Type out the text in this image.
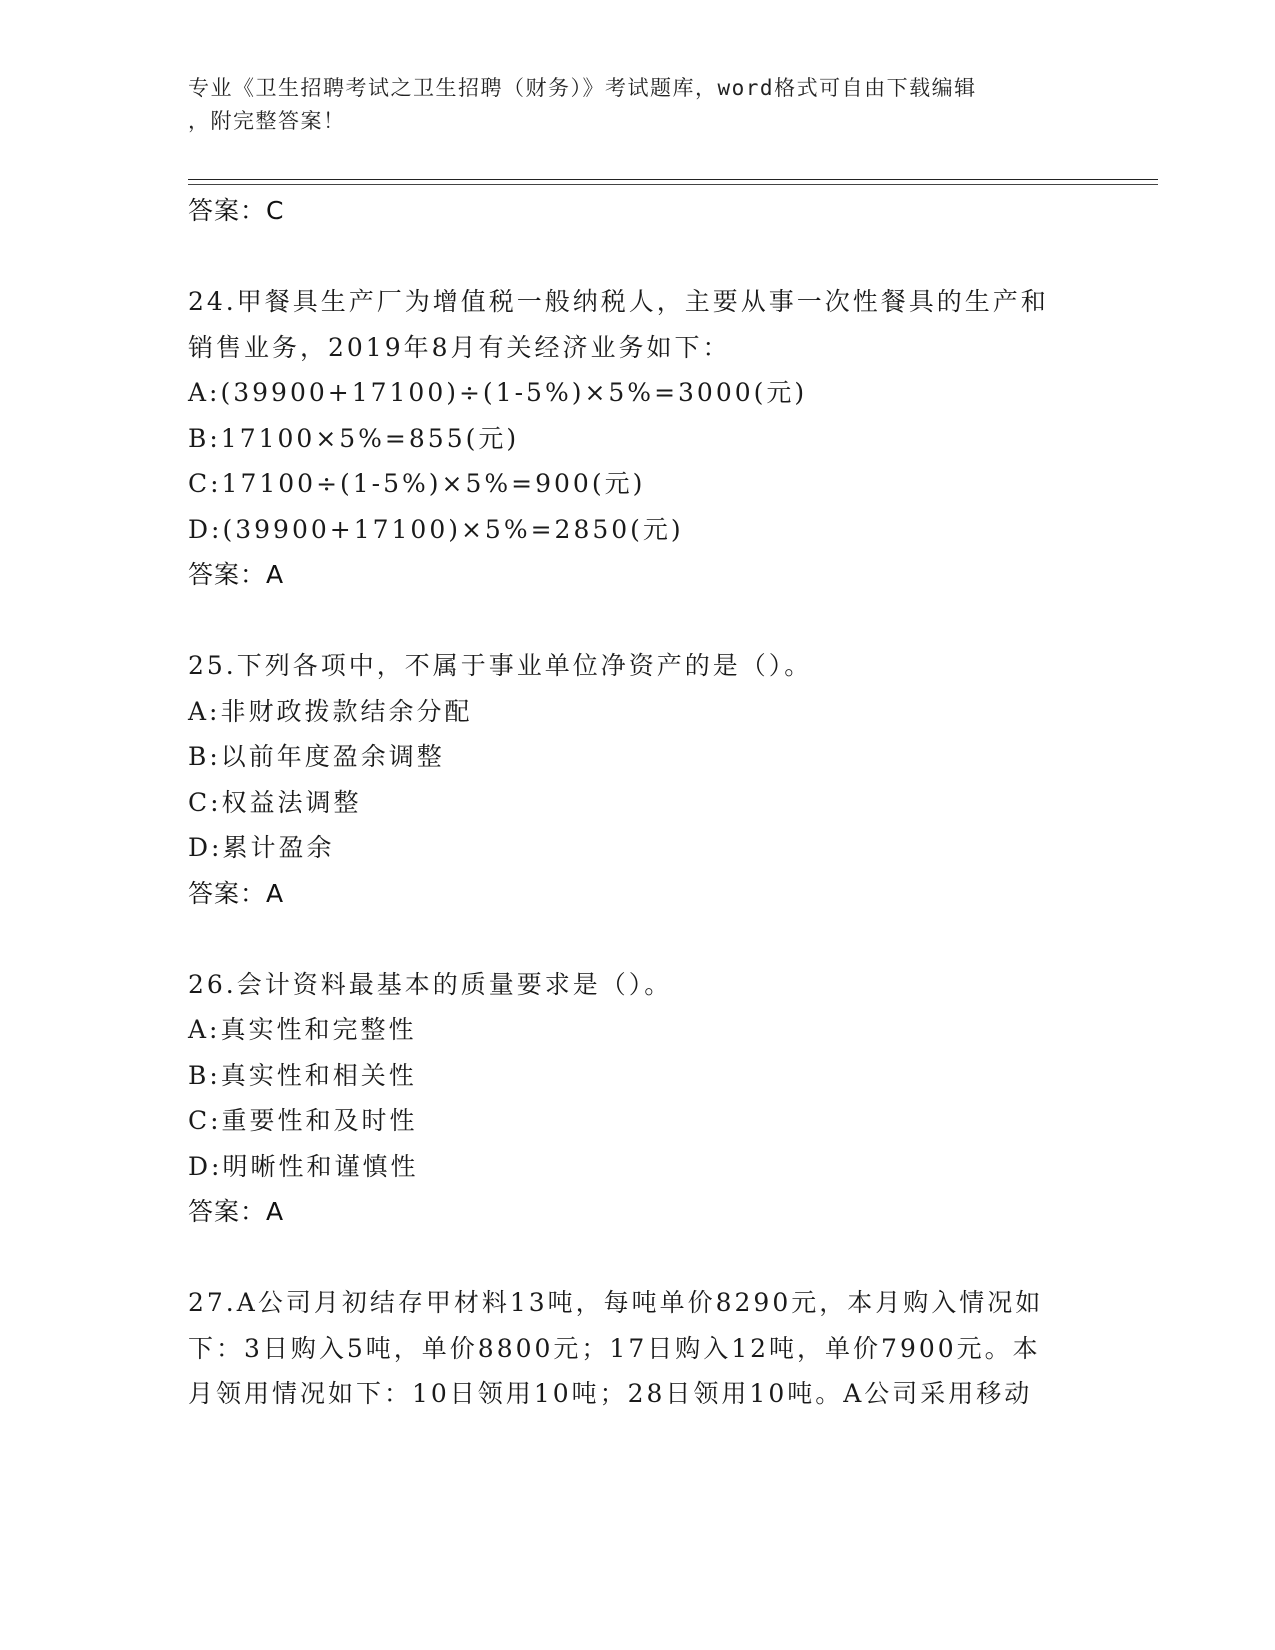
专业《卫生招聘考试之卫生招聘（财务）》考试题库，word格式可自由下载编辑
，附完整答案！
答案：C
24.甲餐具生产厂为增值税一般纳税人，主要从事一次性餐具的生产和
销售业务，2019年8月有关经济业务如下：
A:(39900+17100)÷(1-5%)×5%=3000(元)
B:17100×5%=855(元)
C:17100÷(1-5%)×5%=900(元)
D:(39900+17100)×5%=2850(元)
答案：A
25.下列各项中，不属于事业单位净资产的是（）。
A:非财政拨款结余分配
B:以前年度盈余调整
C:权益法调整
D:累计盈余
答案：A
26.会计资料最基本的质量要求是（）。
A:真实性和完整性
B:真实性和相关性
C:重要性和及时性
D:明晰性和谨慎性
答案：A
27.A公司月初结存甲材料13吨，每吨单价8290元，本月购入情况如
下：3日购入5吨，单价8800元；17日购入12吨，单价7900元。本
月领用情况如下：10日领用10吨；28日领用10吨。A公司采用移动
